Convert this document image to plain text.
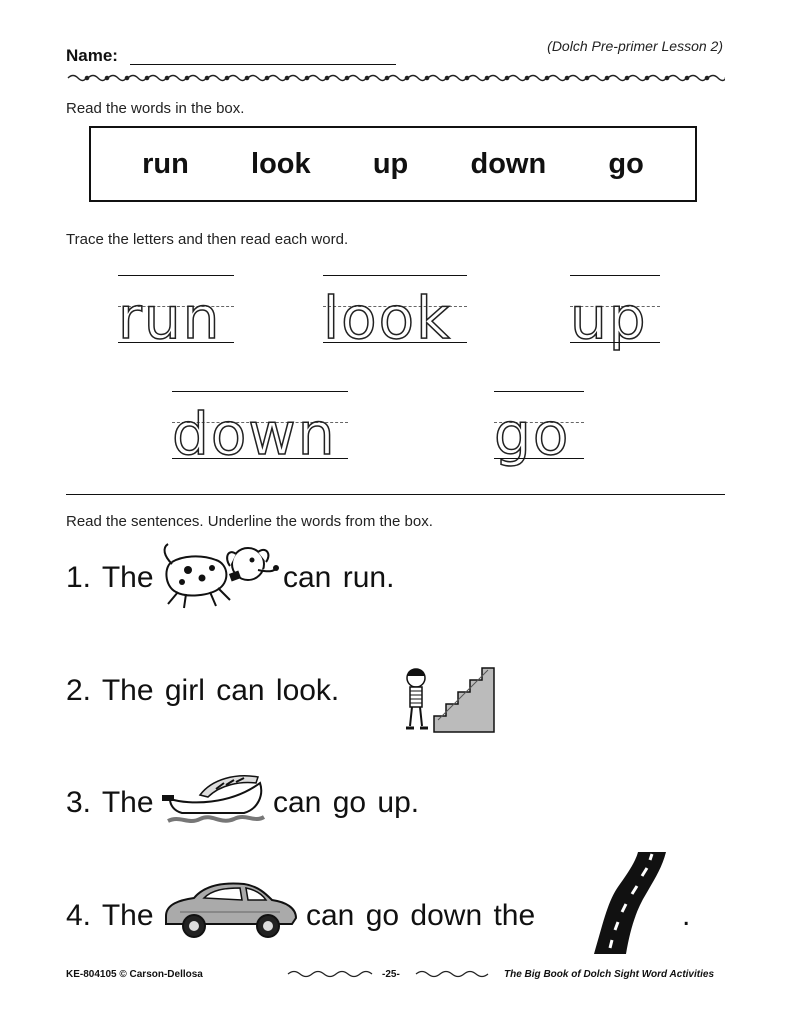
Name:	(Dolch Pre-primer Lesson 2)
Read the words in the box.
run look up down go
Trace the letters and then read each word.
run look up
down	go
Read the sentences. Underline the words from the box.
1. The	can run.
2. The girl can look.
3. The	can go up.
4. The	can go down the	.
KE-804105 © Carson-Dellosa	-25-	The Big Book of Dolch Sight Word Activities
